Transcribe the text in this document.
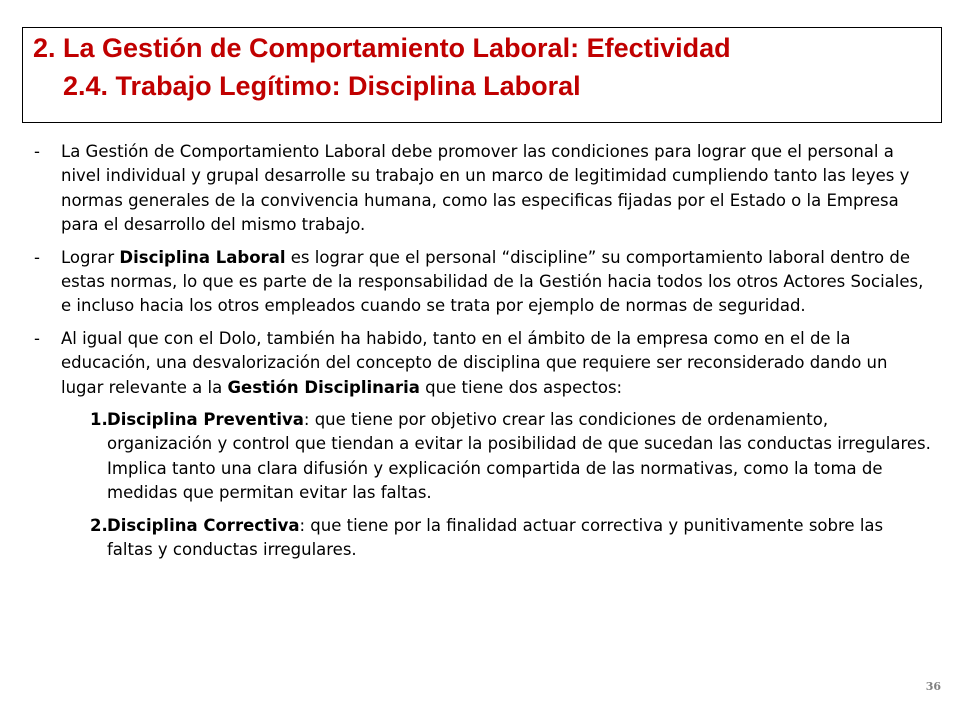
2. La Gestión de Comportamiento Laboral: Efectividad

2.4. Trabajo Legítimo: Disciplina Laboral

- La Gestión de Comportamiento Laboral debe promover las condiciones para lograr que el personal a nivel individual y grupal desarrolle su trabajo en un marco de legitimidad cumpliendo tanto las leyes y normas generales de la convivencia humana, como las especificas fijadas por el Estado o la Empresa para el desarrollo del mismo trabajo.

- Lograr Disciplina Laboral es lograr que el personal “discipline” su comportamiento laboral dentro de estas normas, lo que es parte de la responsabilidad de la Gestión hacia todos los otros Actores Sociales, e incluso hacia los otros empleados cuando se trata por ejemplo de normas de seguridad.

- Al igual que con el Dolo, también ha habido, tanto en el ámbito de la empresa como en el de la educación, una desvalorización del concepto de disciplina que requiere ser reconsiderado dando un lugar relevante a la Gestión Disciplinaria que tiene dos aspectos:

1. Disciplina Preventiva: que tiene por objetivo crear las condiciones de ordenamiento, organización y control que tiendan a evitar la posibilidad de que sucedan las conductas irregulares. Implica tanto una clara difusión y explicación compartida de las normativas, como la toma de medidas que permitan evitar las faltas.

2. Disciplina Correctiva: que tiene por la finalidad actuar correctiva y punitivamente sobre las faltas y conductas irregulares.

36
